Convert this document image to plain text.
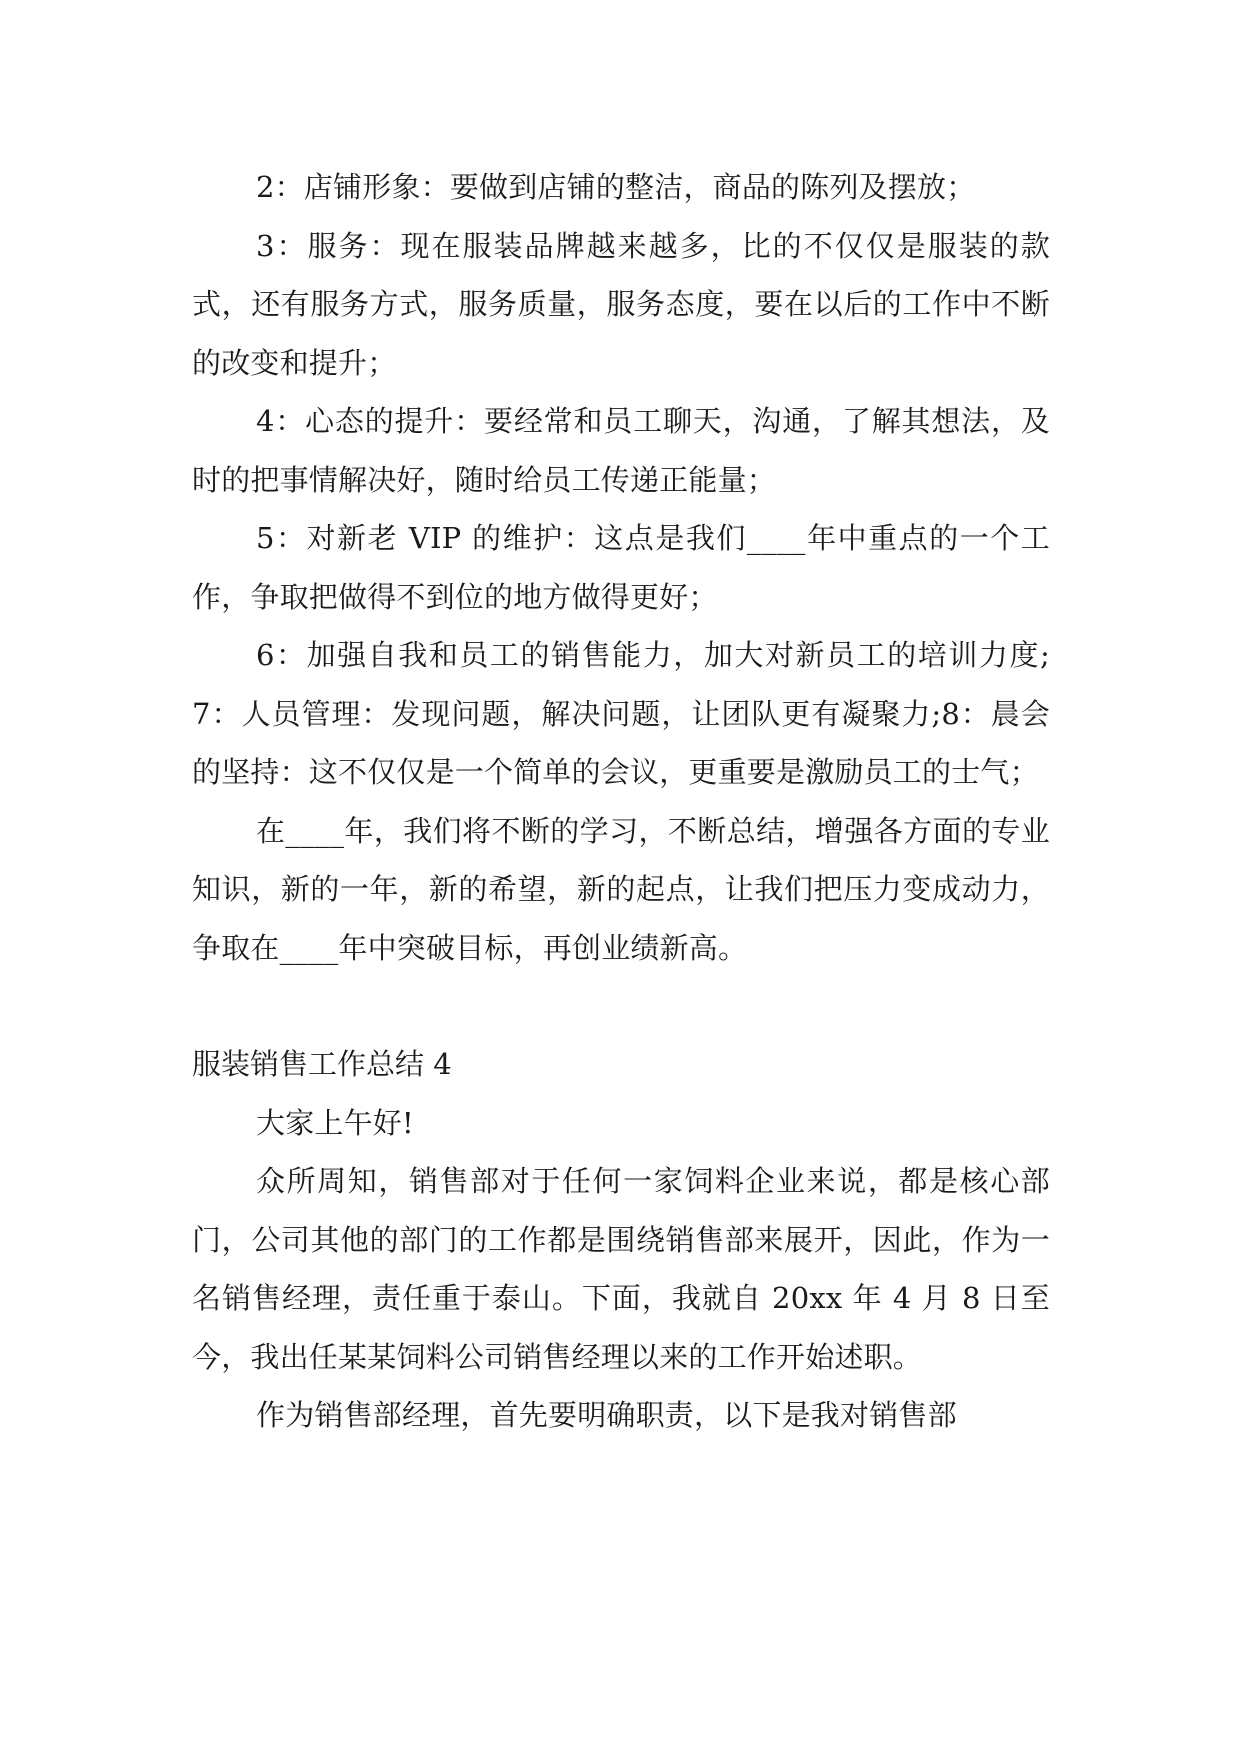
2：店铺形象：要做到店铺的整洁，商品的陈列及摆放；

3：服务：现在服装品牌越来越多，比的不仅仅是服装的款式，还有服务方式，服务质量，服务态度，要在以后的工作中不断的改变和提升；

4：心态的提升：要经常和员工聊天，沟通，了解其想法，及时的把事情解决好，随时给员工传递正能量；

5：对新老 VIP 的维护：这点是我们____年中重点的一个工作，争取把做得不到位的地方做得更好；

6：加强自我和员工的销售能力，加大对新员工的培训力度;7：人员管理：发现问题，解决问题，让团队更有凝聚力;8：晨会的坚持：这不仅仅是一个简单的会议，更重要是激励员工的士气；

在____年，我们将不断的学习，不断总结，增强各方面的专业知识，新的一年，新的希望，新的起点，让我们把压力变成动力，争取在____年中突破目标，再创业绩新高。

服装销售工作总结 4

大家上午好!

众所周知，销售部对于任何一家饲料企业来说，都是核心部门，公司其他的部门的工作都是围绕销售部来展开，因此，作为一名销售经理，责任重于泰山。下面，我就自 20xx 年 4 月 8 日至今，我出任某某饲料公司销售经理以来的工作开始述职。

作为销售部经理，首先要明确职责，以下是我对销售部
